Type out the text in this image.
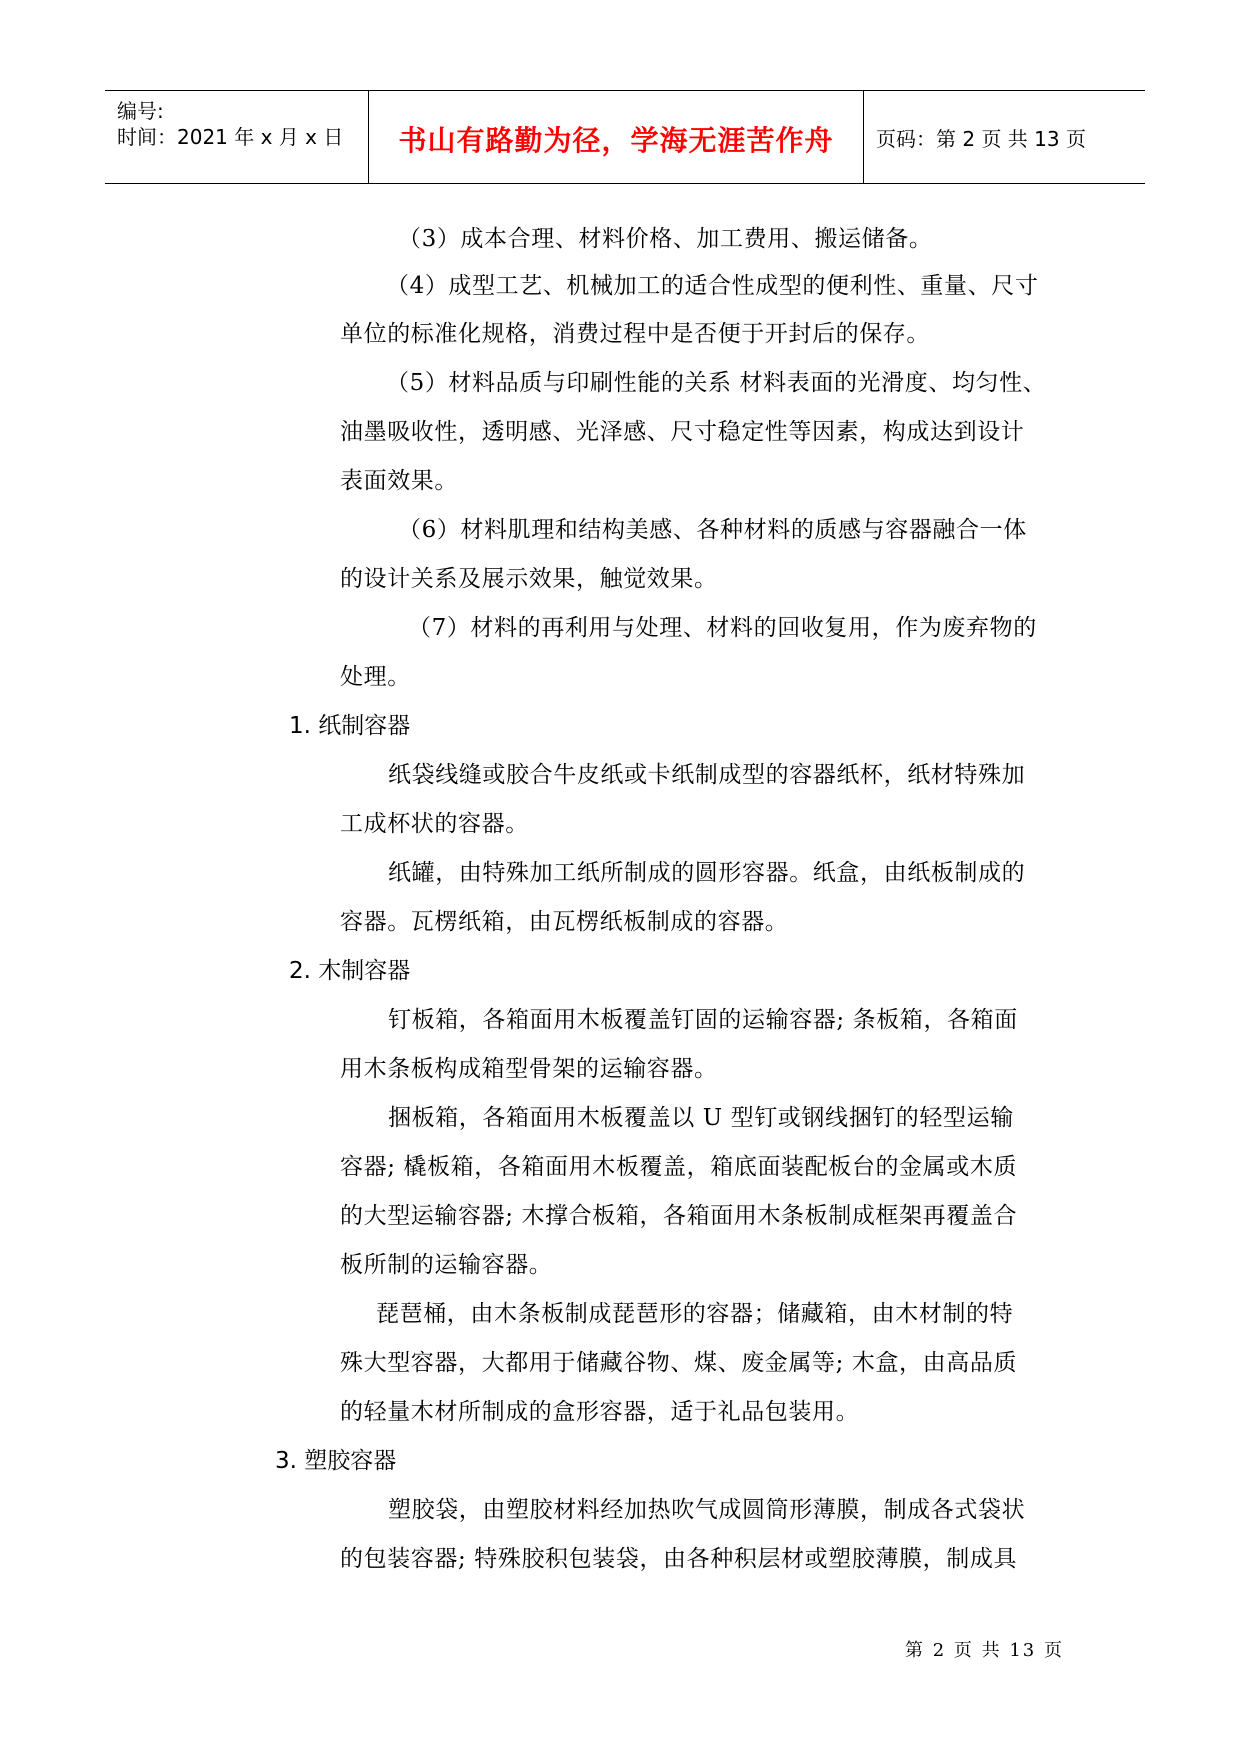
编号:
时间：2021 年 x 月 x 日	书山有路勤为径，学海无涯苦作舟	页码：第 2 页 共 13 页
（3）成本合理、材料价格、加工费用、搬运储备。
（4）成型工艺、机械加工的适合性成型的便利性、重量、尺寸
单位的标准化规格，消费过程中是否便于开封后的保存。
（5）材料品质与印刷性能的关系 材料表面的光滑度、均匀性、
油墨吸收性，透明感、光泽感、尺寸稳定性等因素，构成达到设计
表面效果。
（6）材料肌理和结构美感、各种材料的质感与容器融合一体
的设计关系及展示效果，触觉效果。
（7）材料的再利用与处理、材料的回收复用，作为废弃物的
处理。
1. 纸制容器
纸袋线缝或胶合牛皮纸或卡纸制成型的容器纸杯，纸材特殊加
工成杯状的容器。
纸罐，由特殊加工纸所制成的圆形容器。纸盒，由纸板制成的
容器。瓦楞纸箱，由瓦楞纸板制成的容器。
2. 木制容器
钉板箱，各箱面用木板覆盖钉固的运输容器; 条板箱，各箱面
用木条板构成箱型骨架的运输容器。
捆板箱，各箱面用木板覆盖以 U 型钉或钢线捆钉的轻型运输
容器; 橇板箱，各箱面用木板覆盖，箱底面装配板台的金属或木质
的大型运输容器; 木撑合板箱，各箱面用木条板制成框架再覆盖合
板所制的运输容器。
琵琶桶，由木条板制成琵琶形的容器；储藏箱，由木材制的特
殊大型容器，大都用于储藏谷物、煤、废金属等; 木盒，由高品质
的轻量木材所制成的盒形容器，适于礼品包装用。
3. 塑胶容器
塑胶袋，由塑胶材料经加热吹气成圆筒形薄膜，制成各式袋状
的包装容器; 特殊胶积包装袋，由各种积层材或塑胶薄膜，制成具
第 2 页 共 13 页
